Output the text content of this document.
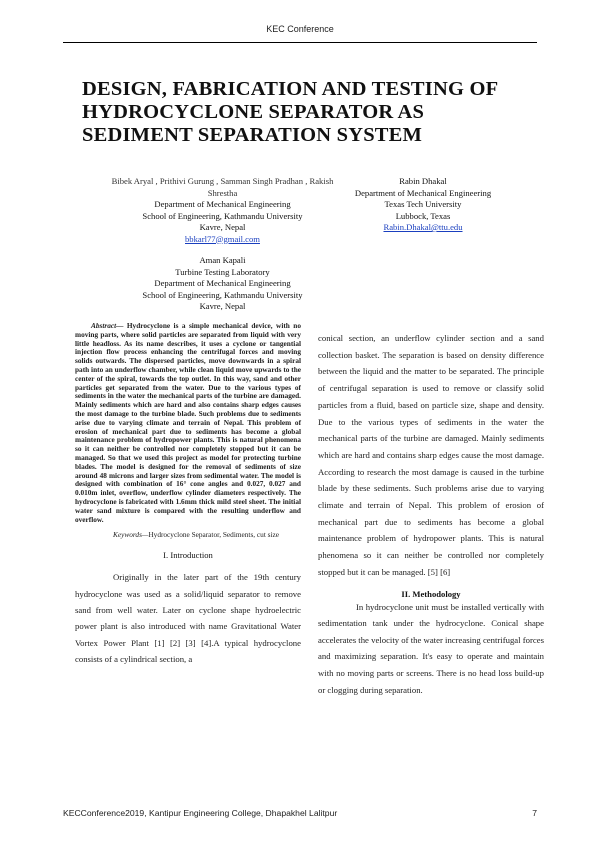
KEC Conference
DESIGN, FABRICATION AND TESTING OF HYDROCYCLONE SEPARATOR AS SEDIMENT SEPARATION SYSTEM
Bibek Aryal , Prithivi Gurung , Samman Singh Pradhan , Rakish Shrestha
Department of Mechanical Engineering
School of Engineering, Kathmandu University
Kavre, Nepal
bbkarl77@gmail.com
Rabin Dhakal
Department of Mechanical Engineering
Texas Tech University
Lubbock, Texas
Rabin.Dhakal@ttu.edu
Aman Kapali
Turbine Testing Laboratory
Department of Mechanical Engineering
School of Engineering, Kathmandu University
Kavre, Nepal
Abstract— Hydrocyclone is a simple mechanical device, with no moving parts, where solid particles are separated from liquid with very little headloss. As its name describes, it uses a cyclone or tangential injection flow process enhancing the centrifugal forces and moving solids outwards. The dispersed particles, move downwards in a spiral path into an underflow chamber, while clean liquid move upwards to the center of the spiral, towards the top outlet. In this way, sand and other particles get separated from the water. Due to the various types of sediments in the water the mechanical parts of the turbine are damaged. Mainly sediments which are hard and also contains sharp edges causes the most damage to the turbine blade. Such problems due to sediments arise due to varying climate and terrain of Nepal. This problem of erosion of mechanical part due to sediments has become a global maintenance problem of hydropower plants. This is natural phenomena so it can neither be controlled nor completely stopped but it can be managed. So that we used this project as model for protecting turbine blades. The model is designed for the removal of sediments of size around 48 microns and larger sizes from sedimental water. The model is designed with combination of 16° cone angles and 0.027, 0.027 and 0.010m inlet, overflow, underflow cylinder diameters respectively. The hydrocyclone is fabricated with 1.6mm thick mild steel sheet. The initial water sand mixture is compared with the resulting underflow and overflow.
Keywords—Hydrocyclone Separator, Sediments, cut size
I. Introduction
Originally in the later part of the 19th century hydrocyclone was used as a solid/liquid separator to remove sand from well water. Later on cyclone shape hydroelectric power plant is also introduced with name Gravitational Water Vortex Power Plant [1] [2] [3] [4].A typical hydrocyclone consists of a cylindrical section, a
conical section, an underflow cylinder section and a sand collection basket. The separation is based on density difference between the liquid and the matter to be separated. The principle of centrifugal separation is used to remove or classify solid particles from a fluid, based on particle size, shape and density. Due to the various types of sediments in the water the mechanical parts of the turbine are damaged. Mainly sediments which are hard and contains sharp edges cause the most damage. According to research the most damage is caused in the turbine blade by these sediments. Such problems arise due to varying climate and terrain of Nepal. This problem of erosion of mechanical part due to sediments has become a global maintenance problem of hydropower plants. This is natural phenomena so it can neither be controlled nor completely stopped but it can be managed. [5] [6]
II. Methodology
In hydrocyclone unit must be installed vertically with sedimentation tank under the hydrocyclone. Conical shape accelerates the velocity of the water increasing centrifugal forces and maximizing separation. It's easy to operate and maintain with no moving parts or screens. There is no head loss build-up or clogging during separation.
KECConference2019, Kantipur Engineering College, Dhapakhel Lalitpur	7
